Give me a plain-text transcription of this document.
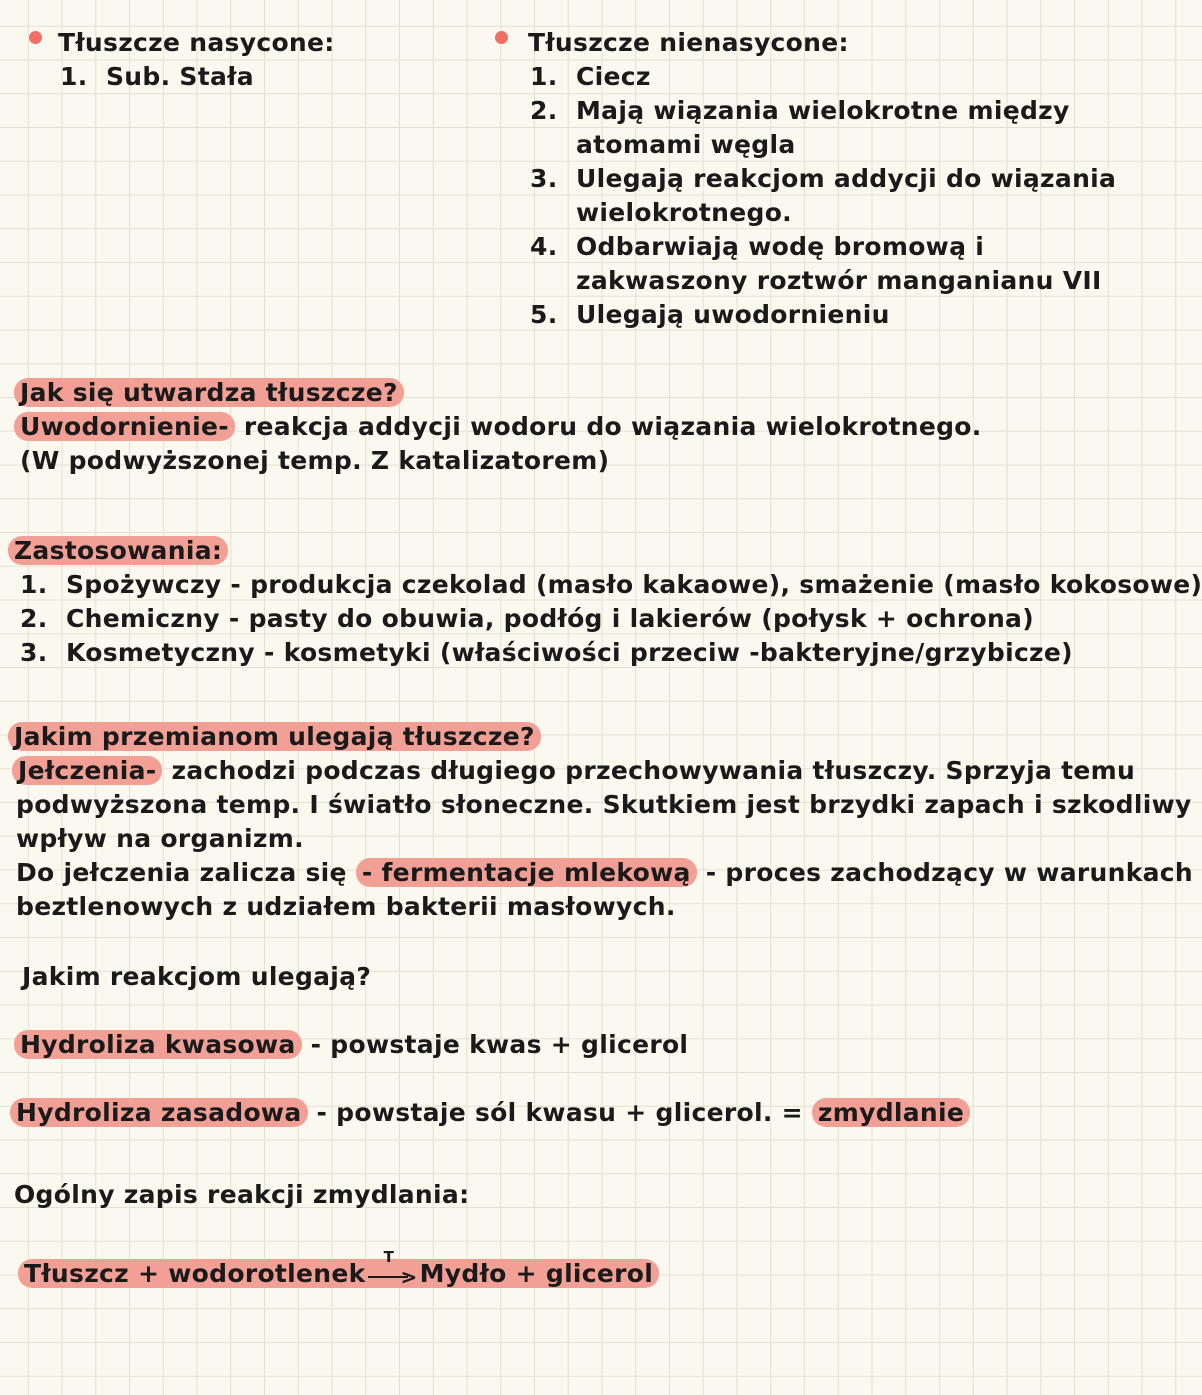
Tłuszcze nasycone:
1. Sub. Stała
Tłuszcze nienasycone:
1. Ciecz
2. Mają wiązania wielokrotne między
atomami węgla
3. Ulegają reakcjom addycji do wiązania
wielokrotnego.
4. Odbarwiają wodę bromową i
zakwaszony roztwór manganianu VII
5. Ulegają uwodornieniu
Jak się utwardza tłuszcze?
Uwodornienie- reakcja addycji wodoru do wiązania wielokrotnego.
(W podwyższonej temp. Z katalizatorem)
Zastosowania:
1. Spożywczy - produkcja czekolad (masło kakaowe), smażenie (masło kokosowe)
2. Chemiczny - pasty do obuwia, podłóg i lakierów (połysk + ochrona)
3. Kosmetyczny - kosmetyki (właściwości przeciw -bakteryjne/grzybicze)
Jakim przemianom ulegają tłuszcze?
Jełczenia- zachodzi podczas długiego przechowywania tłuszczy. Sprzyja temu
podwyższona temp. I światło słoneczne. Skutkiem jest brzydki zapach i szkodliwy
wpływ na organizm.
Do jełczenia zalicza się - fermentacje mlekową - proces zachodzący w warunkach
beztlenowych z udziałem bakterii masłowych.
Jakim reakcjom ulegają?
Hydroliza kwasowa - powstaje kwas + glicerol
Hydroliza zasadowa - powstaje sól kwasu + glicerol. = zmydlanie
Ogólny zapis reakcji zmydlania:
Tłuszcz + wodorotlenek
T
> Mydło + glicerol
